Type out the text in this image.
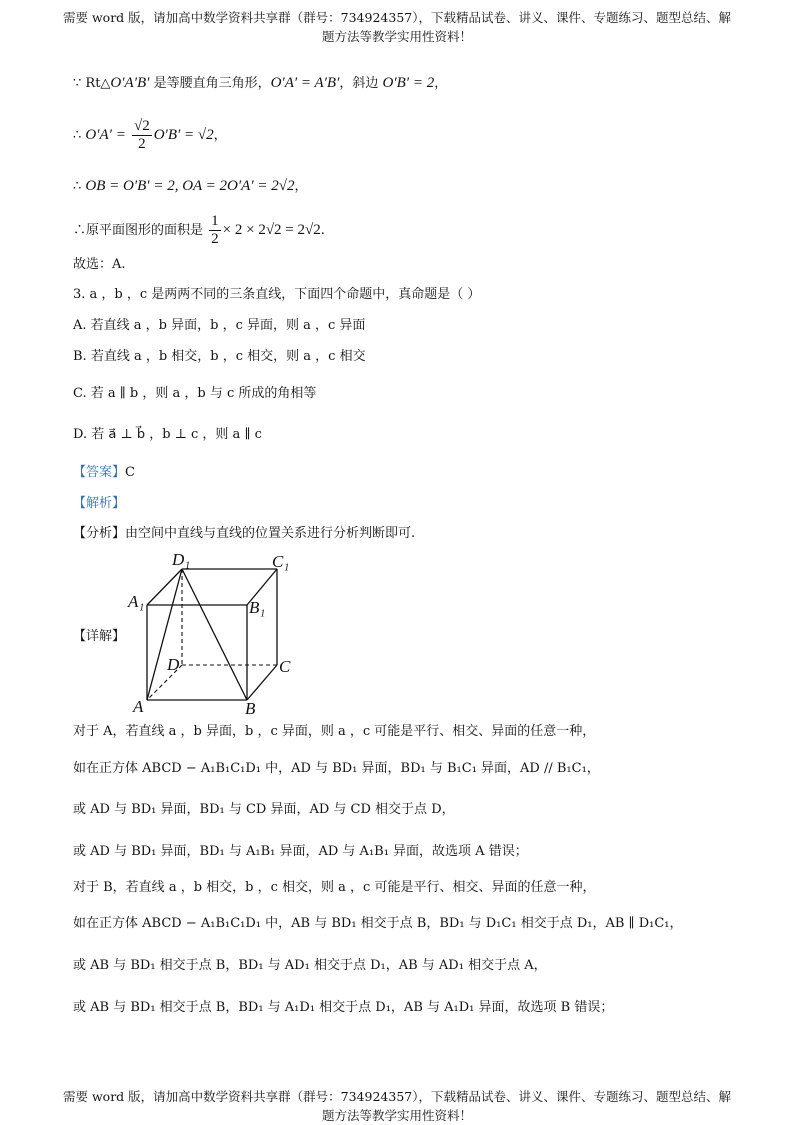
需要 word 版，请加高中数学资料共享群（群号：734924357），下载精品试卷、讲义、课件、专题练习、题型总结、解题方法等教学实用性资料！
∵ Rt△O′A′B′ 是等腰直角三角形，O′A′ = A′B′，斜边 O′B′ = 2，
∴ $O'A' = \frac{√2}{2} O'B' = √2$，
∴ OB = O′B′ = 2, OA = 2O′A′ = 2√2，
∴原平面图形的面积是 $\frac{1}{2} \times 2 \times 2√2 = 2√2$.
故选：A.
3. a ，b ，c 是两两不同的三条直线，下面四个命题中，真命题是（ ）
A. 若直线 a ，b 异面，b ，c 异面，则 a ，c 异面
B. 若直线 a ，b 相交，b ，c 相交，则 a ，c 相交
C. 若 a ∥ b ，则 a ，b 与 c 所成的角相等
D. 若 a⃗ ⊥ b⃗ ，b ⊥ c ，则 a ∥ c
【答案】C
【解析】
【分析】由空间中直线与直线的位置关系进行分析判断即可.
【详解】
D₁	C₁
A₁	B₁
D	C
A	B
对于 A，若直线 a ，b 异面，b ，c 异面，则 a ，c 可能是平行、相交、异面的任意一种，
如在正方体 ABCD − A₁B₁C₁D₁ 中，AD 与 BD₁ 异面，BD₁ 与 B₁C₁ 异面，AD // B₁C₁，
或 AD 与 BD₁ 异面，BD₁ 与 CD 异面，AD 与 CD 相交于点 D，
或 AD 与 BD₁ 异面，BD₁ 与 A₁B₁ 异面，AD 与 A₁B₁ 异面，故选项 A 错误；
对于 B，若直线 a ，b 相交，b ，c 相交，则 a ，c 可能是平行、相交、异面的任意一种，
如在正方体 ABCD − A₁B₁C₁D₁ 中，AB 与 BD₁ 相交于点 B，BD₁ 与 D₁C₁ 相交于点 D₁，AB ∥ D₁C₁，
或 AB 与 BD₁ 相交于点 B，BD₁ 与 AD₁ 相交于点 D₁，AB 与 AD₁ 相交于点 A，
或 AB 与 BD₁ 相交于点 B，BD₁ 与 A₁D₁ 相交于点 D₁，AB 与 A₁D₁ 异面，故选项 B 错误；
需要 word 版，请加高中数学资料共享群（群号：734924357），下载精品试卷、讲义、课件、专题练习、题型总结、解题方法等教学实用性资料！
